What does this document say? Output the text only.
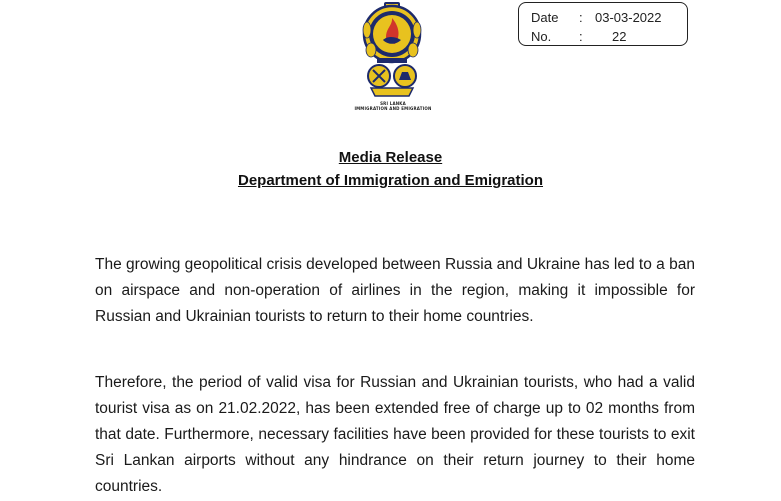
SRI LANKA
IMMIGRATION AND EMIGRATION
Date : 03-03-2022
No. : 22
Media Release
Department of Immigration and Emigration

The growing geopolitical crisis developed between Russia and Ukraine has led to a ban on airspace and non-operation of airlines in the region, making it impossible for Russian and Ukrainian tourists to return to their home countries.

Therefore, the period of valid visa for Russian and Ukrainian tourists, who had a valid tourist visa as on 21.02.2022, has been extended free of charge up to 02 months from that date. Furthermore, necessary facilities have been provided for these tourists to exit Sri Lankan airports without any hindrance on their return journey to their home countries.
